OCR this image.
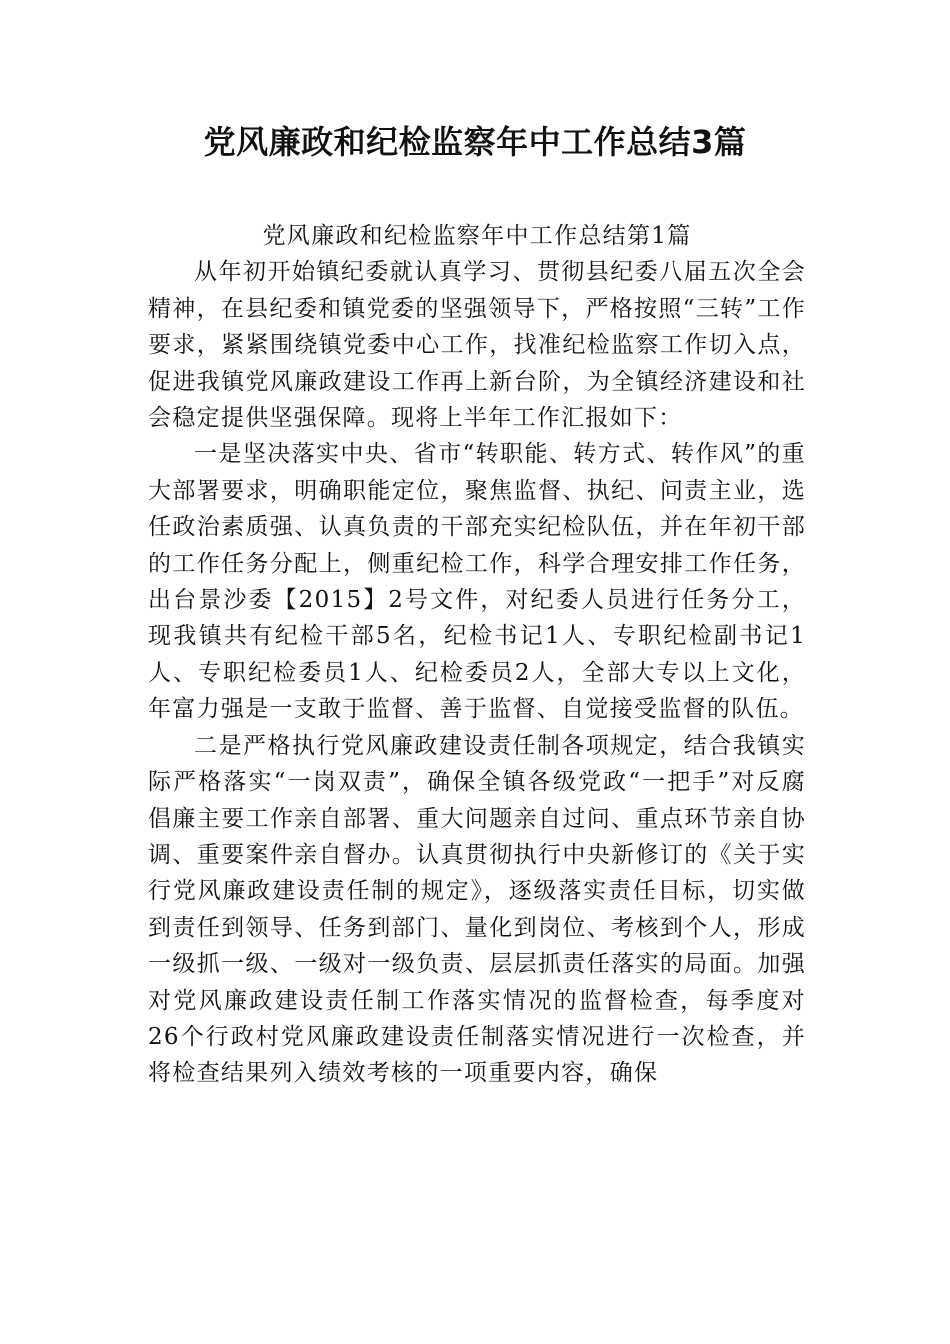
党风廉政和纪检监察年中工作总结3篇

党风廉政和纪检监察年中工作总结第1篇

从年初开始镇纪委就认真学习、贯彻县纪委八届五次全会精神，在县纪委和镇党委的坚强领导下，严格按照“三转”工作要求，紧紧围绕镇党委中心工作，找准纪检监察工作切入点，促进我镇党风廉政建设工作再上新台阶，为全镇经济建设和社会稳定提供坚强保障。现将上半年工作汇报如下：

一是坚决落实中央、省市“转职能、转方式、转作风”的重大部署要求，明确职能定位，聚焦监督、执纪、问责主业，选任政治素质强、认真负责的干部充实纪检队伍，并在年初干部的工作任务分配上，侧重纪检工作，科学合理安排工作任务，出台景沙委【2015】2号文件，对纪委人员进行任务分工，现我镇共有纪检干部5名，纪检书记1人、专职纪检副书记1人、专职纪检委员1人、纪检委员2人，全部大专以上文化，年富力强是一支敢于监督、善于监督、自觉接受监督的队伍。

二是严格执行党风廉政建设责任制各项规定，结合我镇实际严格落实“一岗双责”，确保全镇各级党政“一把手”对反腐倡廉主要工作亲自部署、重大问题亲自过问、重点环节亲自协调、重要案件亲自督办。认真贯彻执行中央新修订的《关于实行党风廉政建设责任制的规定》，逐级落实责任目标，切实做到责任到领导、任务到部门、量化到岗位、考核到个人，形成一级抓一级、一级对一级负责、层层抓责任落实的局面。加强对党风廉政建设责任制工作落实情况的监督检查，每季度对26个行政村党风廉政建设责任制落实情况进行一次检查，并将检查结果列入绩效考核的一项重要内容，确保
